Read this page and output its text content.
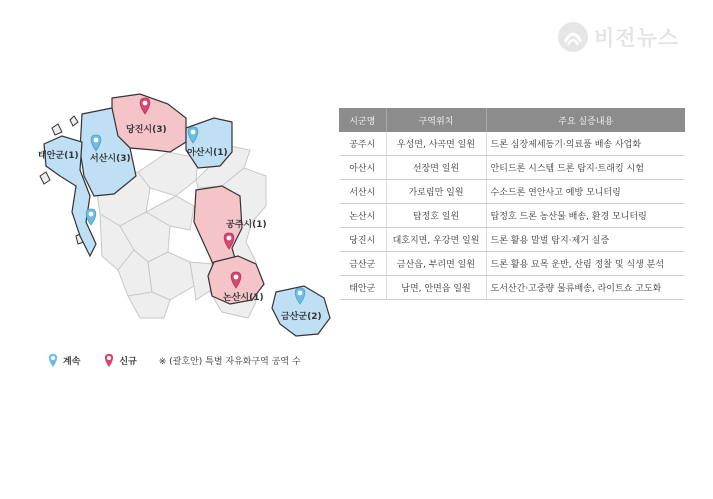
비전뉴스
당진시(3)
서산시(3)
태안군(1)	아산시(1)
공주시(1)
논산시(1)
금산군(2)
계속	신규 ※ (괄호안) 특별 자유화구역 공역 수
시군명	구역위치	주요 실증내용
공주시	우성면, 사곡면 일원	드론 심장제세동기·의료품 배송 사업화
아산시	선장면 일원	안티드론 시스템 드론 탐지·트래킹 시험
서산시	가로림만 일원	수소드론 연안사고 예방 모니터링
논산시	탑정호 일원	탑정호 드론 농산물 배송, 환경 모니터링
당진시	대호지면, 우강면 일원	드론 활용 말벌 탐지·제거 실증
금산군	금산읍, 부리면 일원	드론 활용 묘목 운반, 산림 정찰 및 식생 분석
태안군	남면, 안면읍 일원	도서산간·고중량 물류배송, 라이트쇼 고도화
